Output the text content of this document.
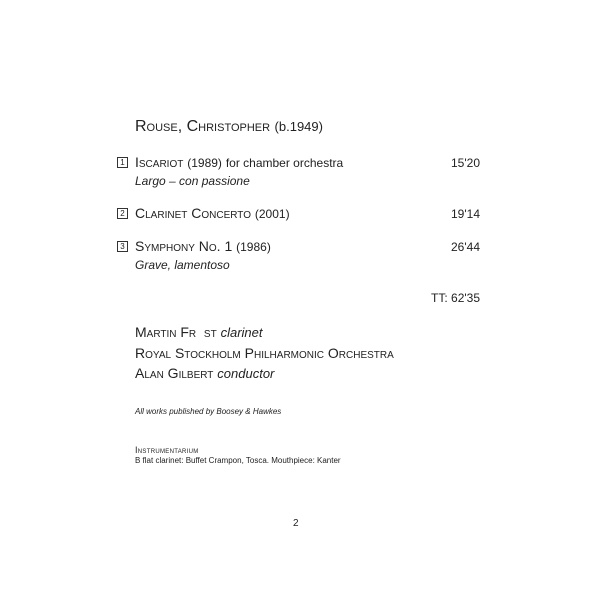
Rouse, Christopher (b.1949)
1 Iscariot (1989) for chamber orchestra	15'20
Largo – con passione
2 Clarinet Concerto (2001)	19'14
3 Symphony No. 1 (1986)	26'44
Grave, lamentoso
TT: 62'35
Martin Fr  st clarinet
Royal Stockholm Philharmonic Orchestra
Alan Gilbert conductor
All works published by Boosey & Hawkes
Instrumentarium
B flat clarinet: Buffet Crampon, Tosca. Mouthpiece: Kanter
2
